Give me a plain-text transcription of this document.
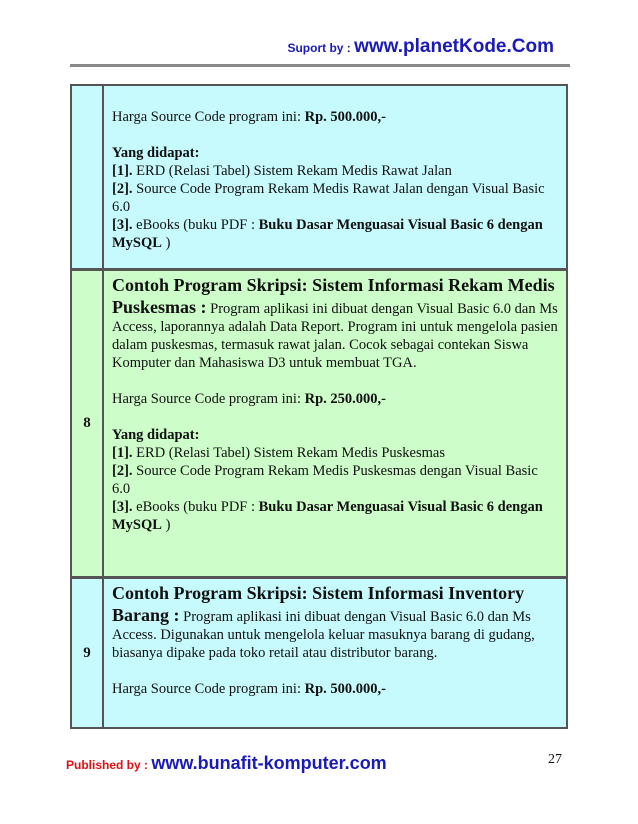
Suport by : www.planetKode.Com

Harga Source Code program ini: Rp. 500.000,-

Yang didapat:

[1]. ERD (Relasi Tabel) Sistem Rekam Medis Rawat Jalan

[2]. Source Code Program Rekam Medis Rawat Jalan dengan Visual Basic 6.0

[3]. eBooks (buku PDF : Buku Dasar Menguasai Visual Basic 6 dengan MySQL )

8

Contoh Program Skripsi: Sistem Informasi Rekam Medis Puskesmas : Program aplikasi ini dibuat dengan Visual Basic 6.0 dan Ms Access, laporannya adalah Data Report. Program ini untuk mengelola pasien dalam puskesmas, termasuk rawat jalan. Cocok sebagai contekan Siswa Komputer dan Mahasiswa D3 untuk membuat TGA.

Harga Source Code program ini: Rp. 250.000,-

Yang didapat:

[1]. ERD (Relasi Tabel) Sistem Rekam Medis Puskesmas

[2]. Source Code Program Rekam Medis Puskesmas dengan Visual Basic 6.0

[3]. eBooks (buku PDF : Buku Dasar Menguasai Visual Basic 6 dengan MySQL )

9

Contoh Program Skripsi: Sistem Informasi Inventory Barang : Program aplikasi ini dibuat dengan Visual Basic 6.0 dan Ms Access. Digunakan untuk mengelola keluar masuknya barang di gudang, biasanya dipake pada toko retail atau distributor barang.

Harga Source Code program ini: Rp. 500.000,-

Published by : www.bunafit-komputer.com	27
